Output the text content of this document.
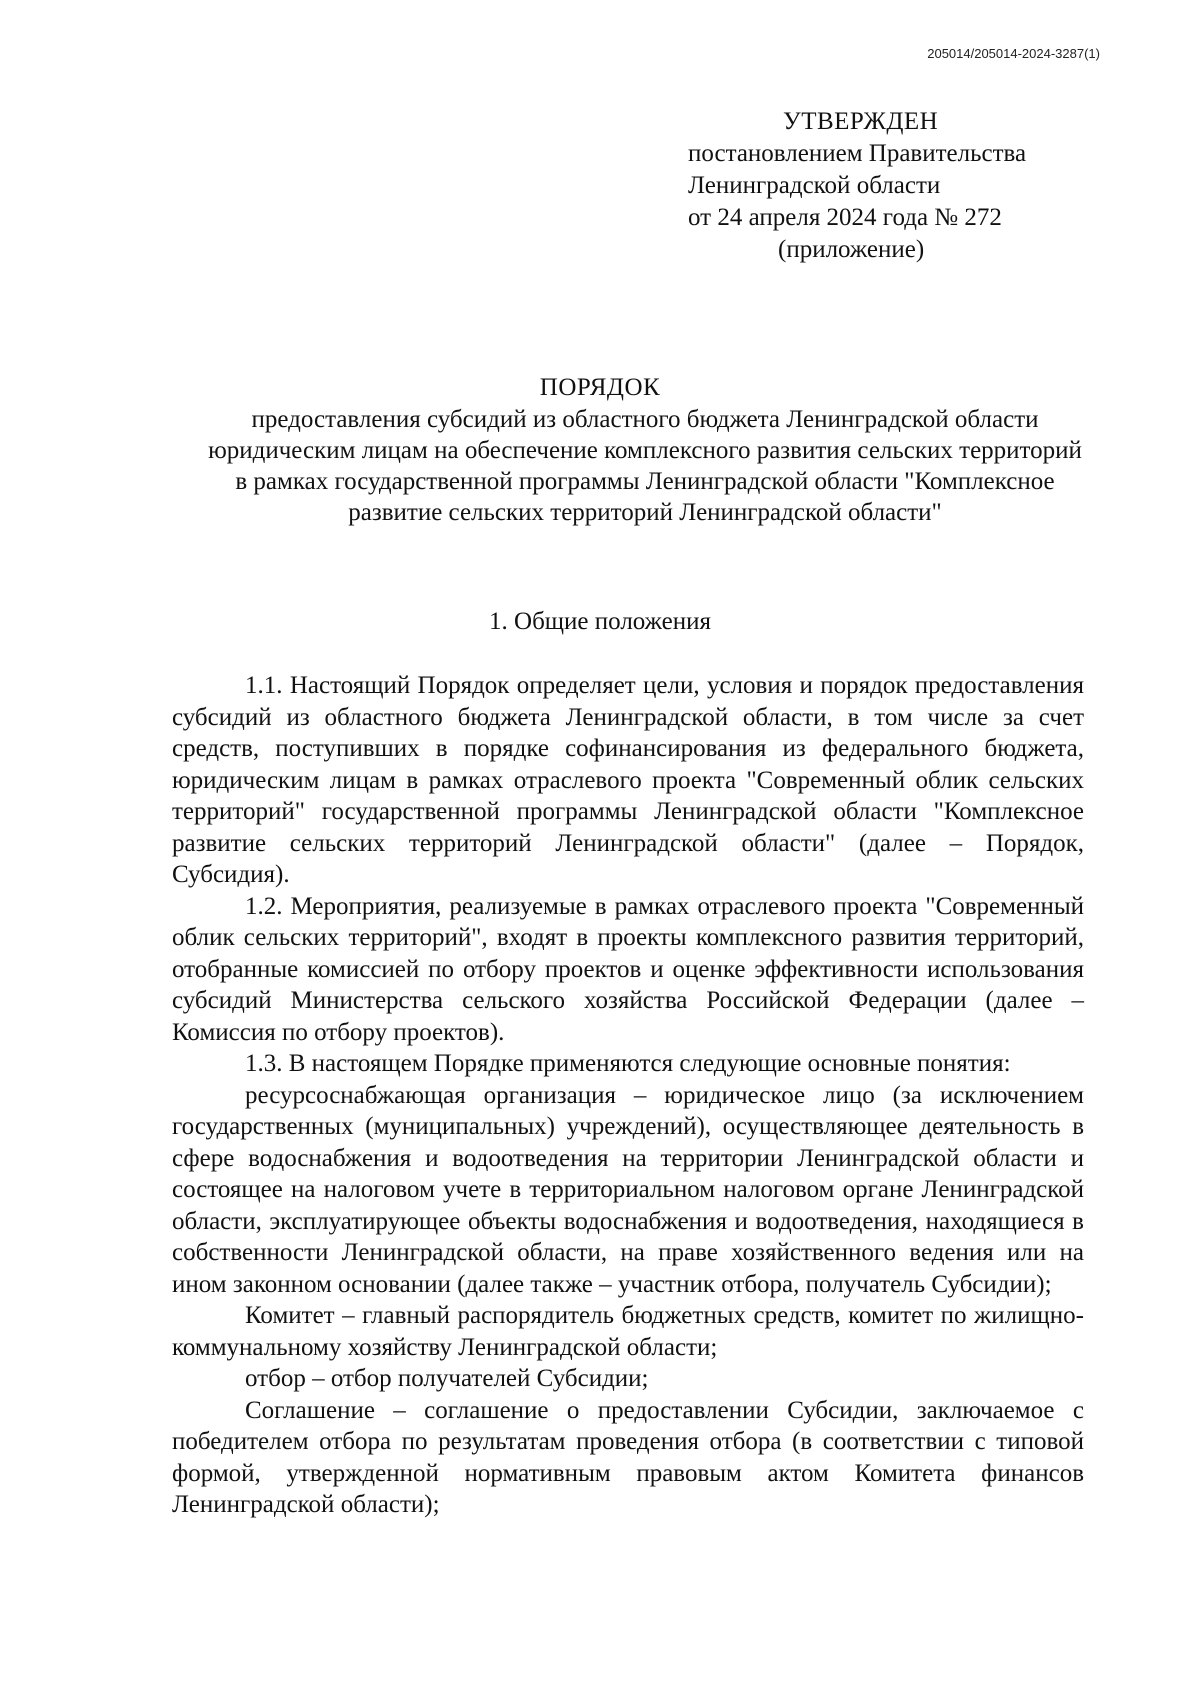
205014/205014-2024-3287(1)
УТВЕРЖДЕН
постановлением Правительства
Ленинградской области
от 24 апреля 2024 года № 272
(приложение)
ПОРЯДОК
предоставления субсидий из областного бюджета Ленинградской области юридическим лицам на обеспечение комплексного развития сельских территорий в рамках государственной программы Ленинградской области "Комплексное развитие сельских территорий Ленинградской области"
1. Общие положения

1.1. Настоящий Порядок определяет цели, условия и порядок предоставления субсидий из областного бюджета Ленинградской области, в том числе за счет средств, поступивших в порядке софинансирования из федерального бюджета, юридическим лицам в рамках отраслевого проекта "Современный облик сельских территорий" государственной программы Ленинградской области "Комплексное развитие сельских территорий Ленинградской области" (далее – Порядок, Субсидия).

1.2. Мероприятия, реализуемые в рамках отраслевого проекта "Современный облик сельских территорий", входят в проекты комплексного развития территорий, отобранные комиссией по отбору проектов и оценке эффективности использования субсидий Министерства сельского хозяйства Российской Федерации (далее – Комиссия по отбору проектов).

1.3. В настоящем Порядке применяются следующие основные понятия:

ресурсоснабжающая организация – юридическое лицо (за исключением государственных (муниципальных) учреждений), осуществляющее деятельность в сфере водоснабжения и водоотведения на территории Ленинградской области и состоящее на налоговом учете в территориальном налоговом органе Ленинградской области, эксплуатирующее объекты водоснабжения и водоотведения, находящиеся в собственности Ленинградской области, на праве хозяйственного ведения или на ином законном основании (далее также – участник отбора, получатель Субсидии);

Комитет – главный распорядитель бюджетных средств, комитет по жилищно-коммунальному хозяйству Ленинградской области;

отбор – отбор получателей Субсидии;

Соглашение – соглашение о предоставлении Субсидии, заключаемое с победителем отбора по результатам проведения отбора (в соответствии с типовой формой, утвержденной нормативным правовым актом Комитета финансов Ленинградской области);
